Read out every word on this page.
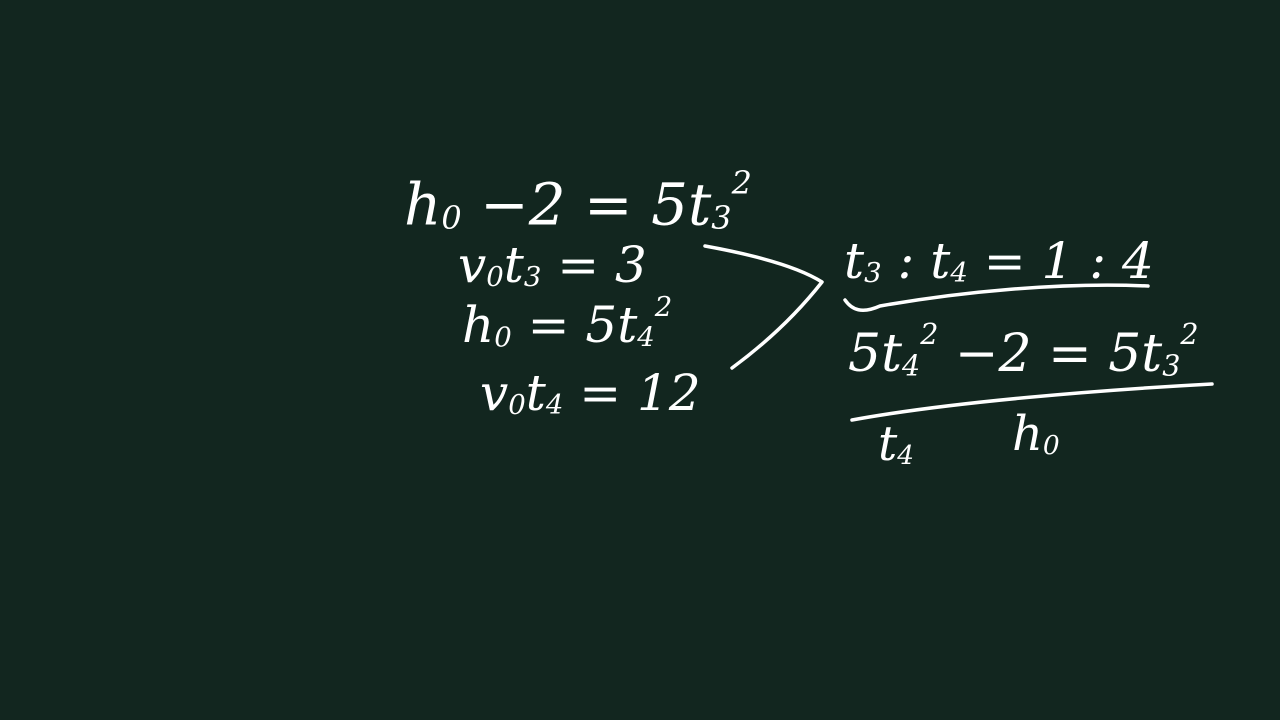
$h_0 -2 = 5t_3^2$
$v_0t_3 = 3$
$h_0 = 5t_4^2$
$v_0t_4 = 12$
$t_3$ : $t_4 = 1$ : 4
$5t_4^2 -2 = 5t_3^2$
$t_4$ $h_0$
